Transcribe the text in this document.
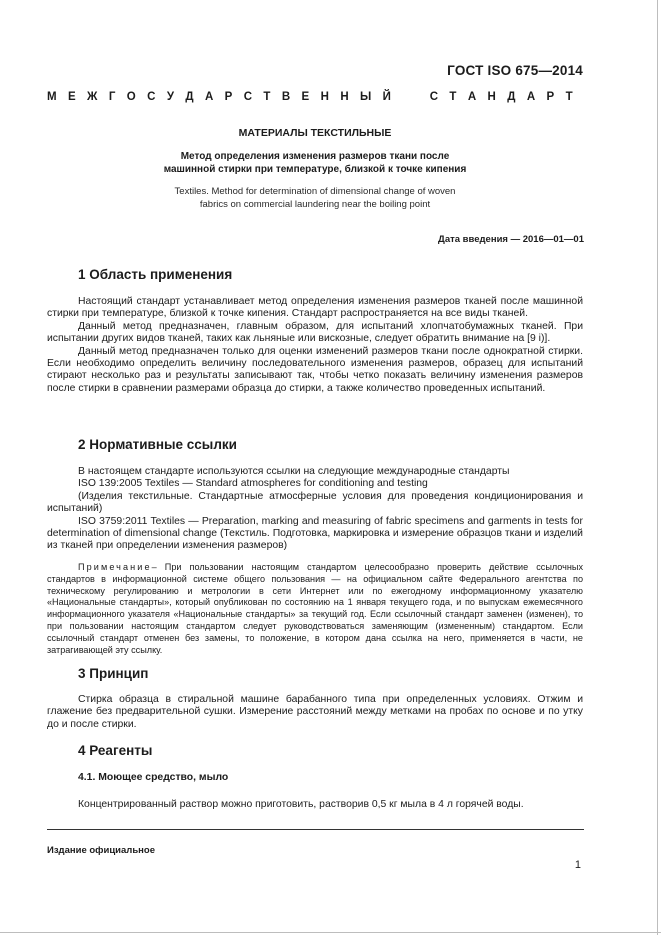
ГОСТ ISO 675—2014
М Е Ж Г О С У Д А Р С Т В Е Н Н Ы Й	С Т А Н Д А Р Т
МАТЕРИАЛЫ ТЕКСТИЛЬНЫЕ
Метод определения изменения размеров ткани после
машинной стирки при температуре, близкой к точке кипения
Textiles. Method for determination of dimensional change of woven
fabrics on commercial laundering near the boiling point
Дата введения — 2016—01—01
1 Область применения

Настоящий стандарт устанавливает метод определения изменения размеров тканей после машинной стирки при температуре, близкой к точке кипения. Стандарт распространяется на все виды тканей.

Данный метод предназначен, главным образом, для испытаний хлопчатобумажных тканей. При испытании других видов тканей, таких как льняные или вискозные, следует обратить внимание на [9 i)].

Данный метод предназначен только для оценки изменений размеров ткани после однократной стирки. Если необходимо определить величину последовательного изменения размеров, образец для испытаний стирают несколько раз и результаты записывают так, чтобы четко показать величину изменения размеров после стирки в сравнении размерами образца до стирки, а также количество проведенных испытаний.

2 Нормативные ссылки

В настоящем стандарте используются ссылки на следующие международные стандарты

ISO 139:2005 Textiles — Standard atmospheres for conditioning and testing

(Изделия текстильные. Стандартные атмосферные условия для проведения кондиционирования и испытаний)

ISO 3759:2011 Textiles — Preparation, marking and measuring of fabric specimens and garments in tests for determination of dimensional change (Текстиль. Подготовка, маркировка и измерение образцов ткани и изделий из тканей при определении изменения размеров)

Примечание– При пользовании настоящим стандартом целесообразно проверить действие ссылочных стандартов в информационной системе общего пользования — на официальном сайте Федерального агентства по техническому регулированию и метрологии в сети Интернет или по ежегодному информационному указателю «Национальные стандарты», который опубликован по состоянию на 1 января текущего года, и по выпускам ежемесячного информационного указателя «Национальные стандарты» за текущий год. Если ссылочный стандарт заменен (изменен), то при пользовании настоящим стандартом следует руководствоваться заменяющим (измененным) стандартом. Если ссылочный стандарт отменен без замены, то положение, в котором дана ссылка на него, применяется в части, не затрагивающей эту ссылку.

3 Принцип

Стирка образца в стиральной машине барабанного типа при определенных условиях. Отжим и глажение без предварительной сушки. Измерение расстояний между метками на пробах по основе и по утку до и после стирки.

4 Реагенты
4.1. Моющее средство, мыло

Концентрированный раствор можно приготовить, растворив 0,5 кг мыла в 4 л горячей воды.

Издание официальное
1
